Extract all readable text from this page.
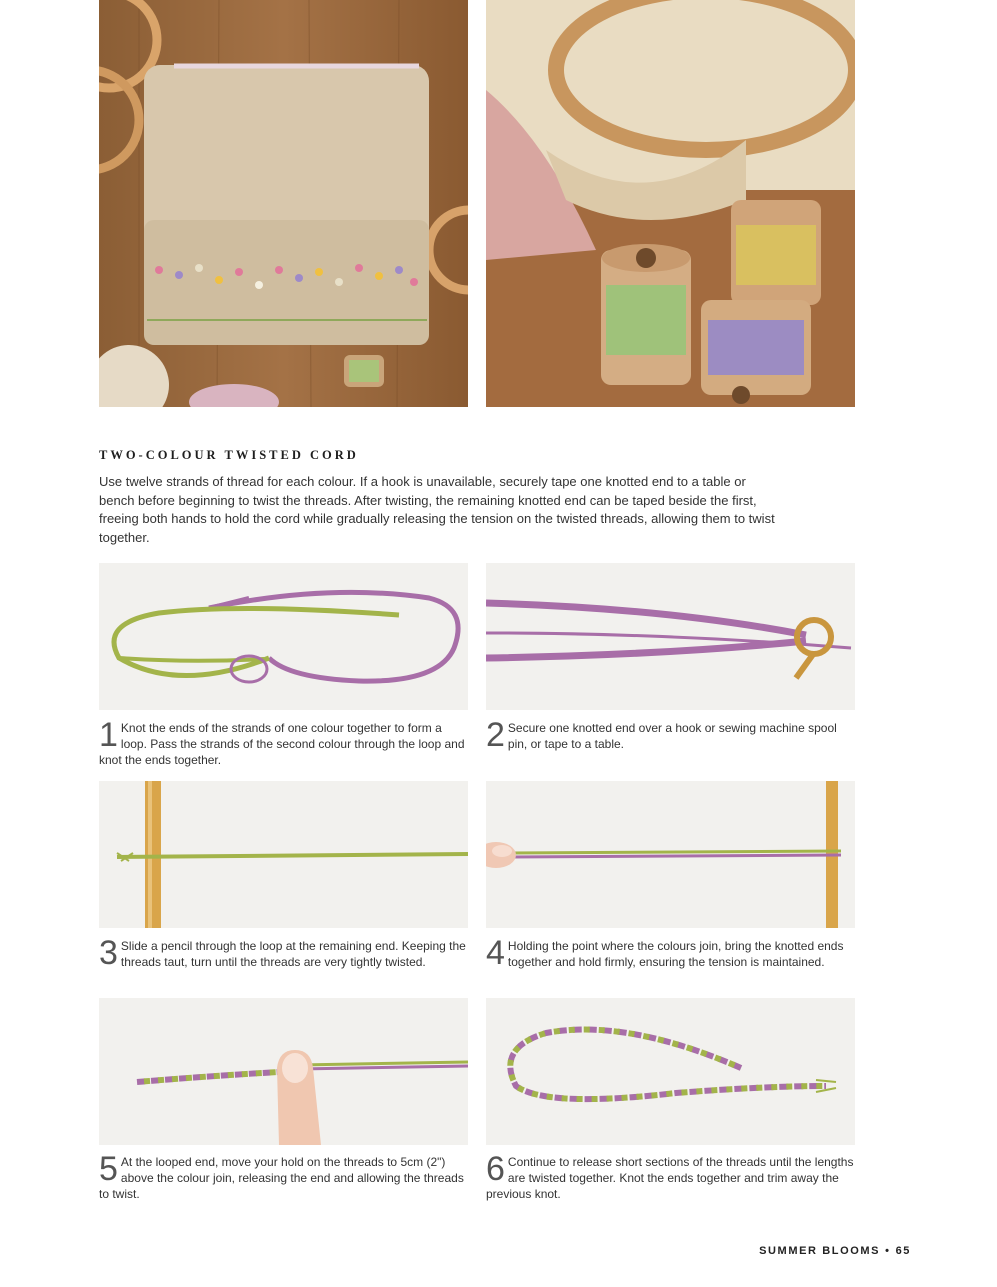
TWO-COLOUR TWISTED CORD

Use twelve strands of thread for each colour. If a hook is unavailable, securely tape one knotted end to a table or bench before beginning to twist the threads. After twisting, the remaining knotted end can be taped beside the first, freeing both hands to hold the cord while gradually releasing the tension on the twisted threads, allowing them to twist together.

1 Knot the ends of the strands of one colour together to form a loop. Pass the strands of the second colour through the loop and knot the ends together.
2 Secure one knotted end over a hook or sewing machine spool pin, or tape to a table.
3 Slide a pencil through the loop at the remaining end. Keeping the threads taut, turn until the threads are very tightly twisted.	4 Holding the point where the colours join, bring the knotted ends together and hold firmly, ensuring the tension is maintained.
5 At the looped end, move your hold on the threads to 5cm (2") above the colour join, releasing the end and allowing the threads to twist.
6 Continue to release short sections of the threads until the lengths are twisted together. Knot the ends together and trim away the previous knot.
SUMMER BLOOMS • 65
